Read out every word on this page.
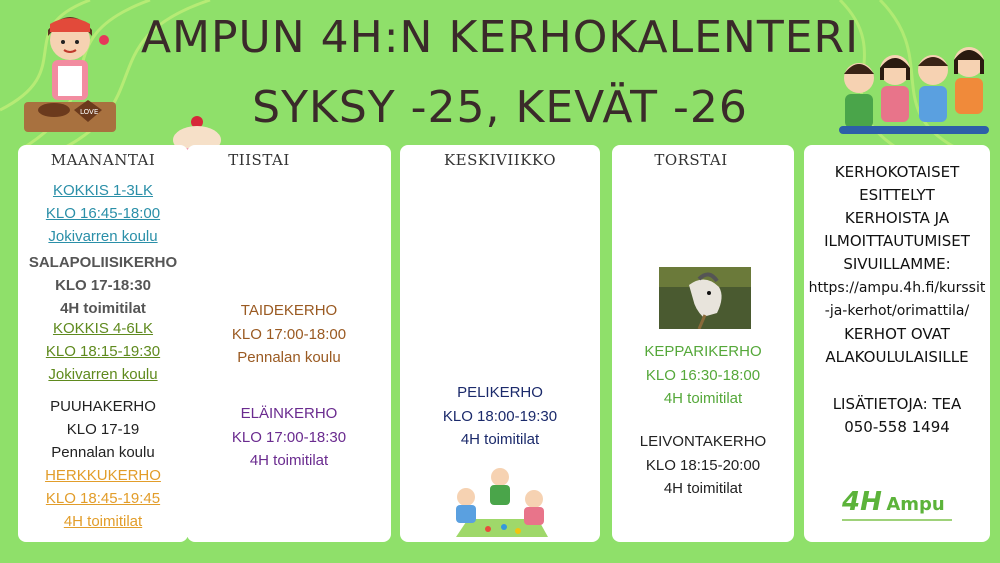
LOVE
AMPUN 4H:N KERHOKALENTERI
SYKSY -25, KEVÄT -26
MAANANTAI
KOKKIS 1-3LK
KLO 16:45-18:00
Jokivarren koulu
SALAPOLIISIKERHO
KLO 17-18:30
4H toimitilat
KOKKIS 4-6LK
KLO 18:15-19:30
Jokivarren koulu
PUUHAKERHO
KLO 17-19
Pennalan koulu
HERKKUKERHO
KLO 18:45-19:45
4H toimitilat
TIISTAI
TAIDEKERHO
KLO 17:00-18:00
Pennalan koulu
ELÄINKERHO
KLO 17:00-18:30
4H toimitilat
KESKIVIIKKO
PELIKERHO
KLO 18:00-19:30
4H toimitilat
TORSTAI
KEPPARIKERHO
KLO 16:30-18:00
4H toimitilat
LEIVONTAKERHO
KLO 18:15-20:00
4H toimitilat
KERHOKOTAISET
ESITTELYT
KERHOISTA JA
ILMOITTAUTUMISET
SIVUILLAMME:
https://ampu.4h.fi/kurssit
-ja-kerhot/orimattila/
KERHOT OVAT
ALAKOULULAISILLE
LISÄTIETOJA: TEA
050-558 1494
4H Ampu
